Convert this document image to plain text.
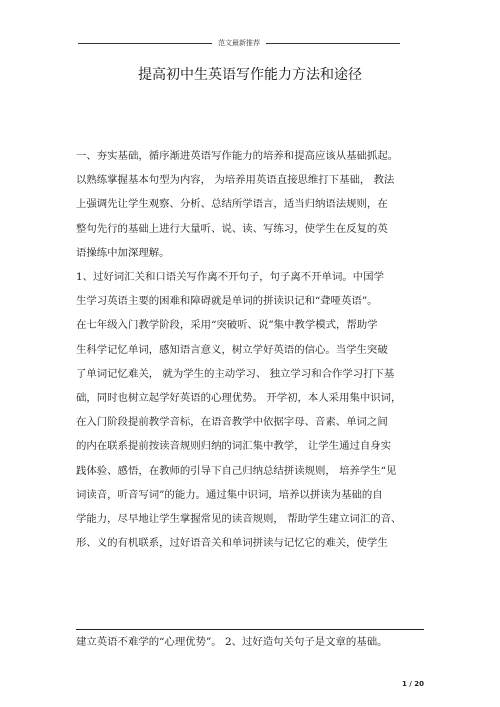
范文最新推荐
提高初中生英语写作能力方法和途径
一、夯实基础，循序渐进英语写作能力的培养和提高应该从基础抓起。
以熟练掌握基本句型为内容， 为培养用英语直接思维打下基础， 教法
上强调先让学生观察、分析、总结所学语言，适当归纳语法规则，在
整句先行的基础上进行大量听、说、读、写练习，使学生在反复的英
语操练中加深理解。
1、过好词汇关和口语关写作离不开句子，句子离不开单词。中国学
生学习英语主要的困难和障碍就是单词的拼读识记和“聋哑英语”。
在七年级入门教学阶段，采用“突破听、说”集中教学模式，帮助学
生科学记忆单词，感知语言意义，树立学好英语的信心。当学生突破
了单词记忆难关， 就为学生的主动学习、 独立学习和合作学习打下基
础，同时也树立起学好英语的心理优势。 开学初，本人采用集中识词，
在入门阶段提前教学音标，在语音教学中依据字母、音素、单词之间
的内在联系提前按读音规则归纳的词汇集中教学， 让学生通过自身实
践体验、感悟，在教师的引导下自己归纳总结拼读规则， 培养学生“见
词读音，听音写词”的能力。通过集中识词，培养以拼读为基础的自
学能力，尽早地让学生掌握常见的读音规则， 帮助学生建立词汇的音、
形、义的有机联系，过好语音关和单词拼读与记忆它的难关，使学生
建立英语不难学的“心理优势”。 2、过好造句关句子是文章的基础。
1 / 20
